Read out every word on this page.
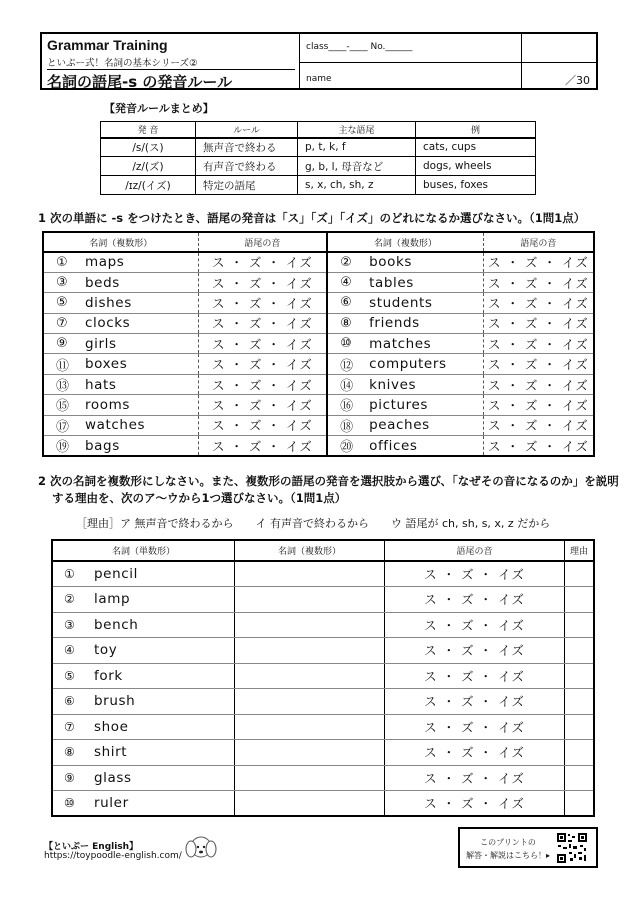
Grammar Training
といぷー式！名詞の基本シリーズ②
名詞の語尾-s の発音ルール
class____-____ No.______
name	／30
【発音ルールまとめ】
発 音	ルール	主な語尾	例
/s/(ス)	無声音で終わる	p, t, k, f	cats, cups
/z/(ズ)	有声音で終わる	g, b, l, 母音など	dogs, wheels
/ɪz/(イズ)	特定の語尾	s, x, ch, sh, z	buses, foxes
1 次の単語に -s をつけたとき、語尾の発音は「ス」「ズ」「イズ」のどれになるか選びなさい。（1問1点）
名詞（複数形）		語尾の音	名詞（複数形）		語尾の音
①	maps	ス ・ ズ ・ イズ	②	books	ス ・ ズ ・ イズ
③	beds	ス ・ ズ ・ イズ	④	tables	ス ・ ズ ・ イズ
⑤	dishes	ス ・ ズ ・ イズ	⑥	students	ス ・ ズ ・ イズ
⑦	clocks	ス ・ ズ ・ イズ	⑧	friends	ス ・ ズ ・ イズ
⑨	girls	ス ・ ズ ・ イズ	⑩	matches	ス ・ ズ ・ イズ
⑪	boxes	ス ・ ズ ・ イズ	⑫	computers	ス ・ ズ ・ イズ
⑬	hats	ス ・ ズ ・ イズ	⑭	knives	ス ・ ズ ・ イズ
⑮	rooms	ス ・ ズ ・ イズ	⑯	pictures	ス ・ ズ ・ イズ
⑰	watches	ス ・ ズ ・ イズ	⑱	peaches	ス ・ ズ ・ イズ
⑲	bags	ス ・ ズ ・ イズ	⑳	offices	ス ・ ズ ・ イズ
2 次の名詞を複数形にしなさい。また、複数形の語尾の発音を選択肢から選び、「なぜその音になるのか」を説明
する理由を、次のア～ウから1つ選びなさい。（1問1点）
［理由］ア 無声音で終わるから　　イ 有声音で終わるから　　ウ 語尾が ch, sh, s, x, z だから
名詞（単数形）		名詞（複数形）	語尾の音	理由
①	pencil		ス ・ ズ ・ イズ	
②	lamp		ス ・ ズ ・ イズ	
③	bench		ス ・ ズ ・ イズ	
④	toy		ス ・ ズ ・ イズ	
⑤	fork		ス ・ ズ ・ イズ	
⑥	brush		ス ・ ズ ・ イズ	
⑦	shoe		ス ・ ズ ・ イズ	
⑧	shirt		ス ・ ズ ・ イズ	
⑨	glass		ス ・ ズ ・ イズ	
⑩	ruler		ス ・ ズ ・ イズ	
【といぷー English】
https://toypoodle-english.com/
このプリントの
解答・解説はこちら！▸
